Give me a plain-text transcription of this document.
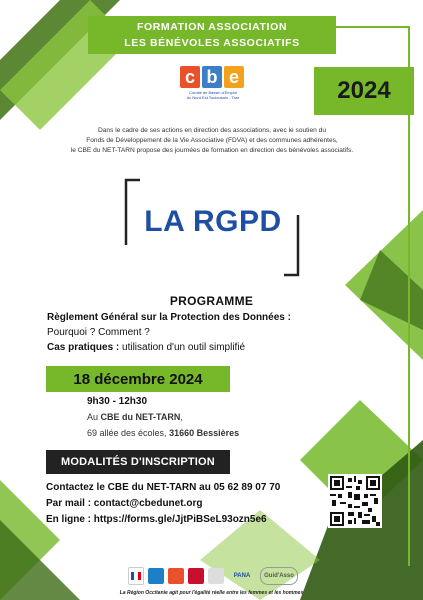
FORMATION ASSOCIATION
LES BÉNÉVOLES ASSOCIATIFS
2024
c b e
Comité de Bassin d'Emploi
du Nord Est Toulousain - Tarn
Dans le cadre de ses actions en direction des associations, avec le soutien du
Fonds de Développement de la Vie Associative (FDVA) et des communes adhérentes,
le CBE du NET-TARN propose des journées de formation en direction des bénévoles associatifs.
LA RGPD
PROGRAMME
Règlement Général sur la Protection des Données :
Pourquoi ? Comment ?
Cas pratiques : utilisation d'un outil simplifié
18 décembre 2024
9h30 - 12h30
Au CBE du NET-TARN,
69 allée des écoles, 31660 Bessières
MODALITÉS D'INSCRIPTION
Contactez le CBE du NET-TARN au 05 62 89 07 70
Par mail : contact@cbedunet.org
En ligne : https://forms.gle/JjtPiBSeL93ozn5e6
PANA Guid'Asso
La Région Occitanie agit pour l'égalité réelle entre les femmes et les hommes
